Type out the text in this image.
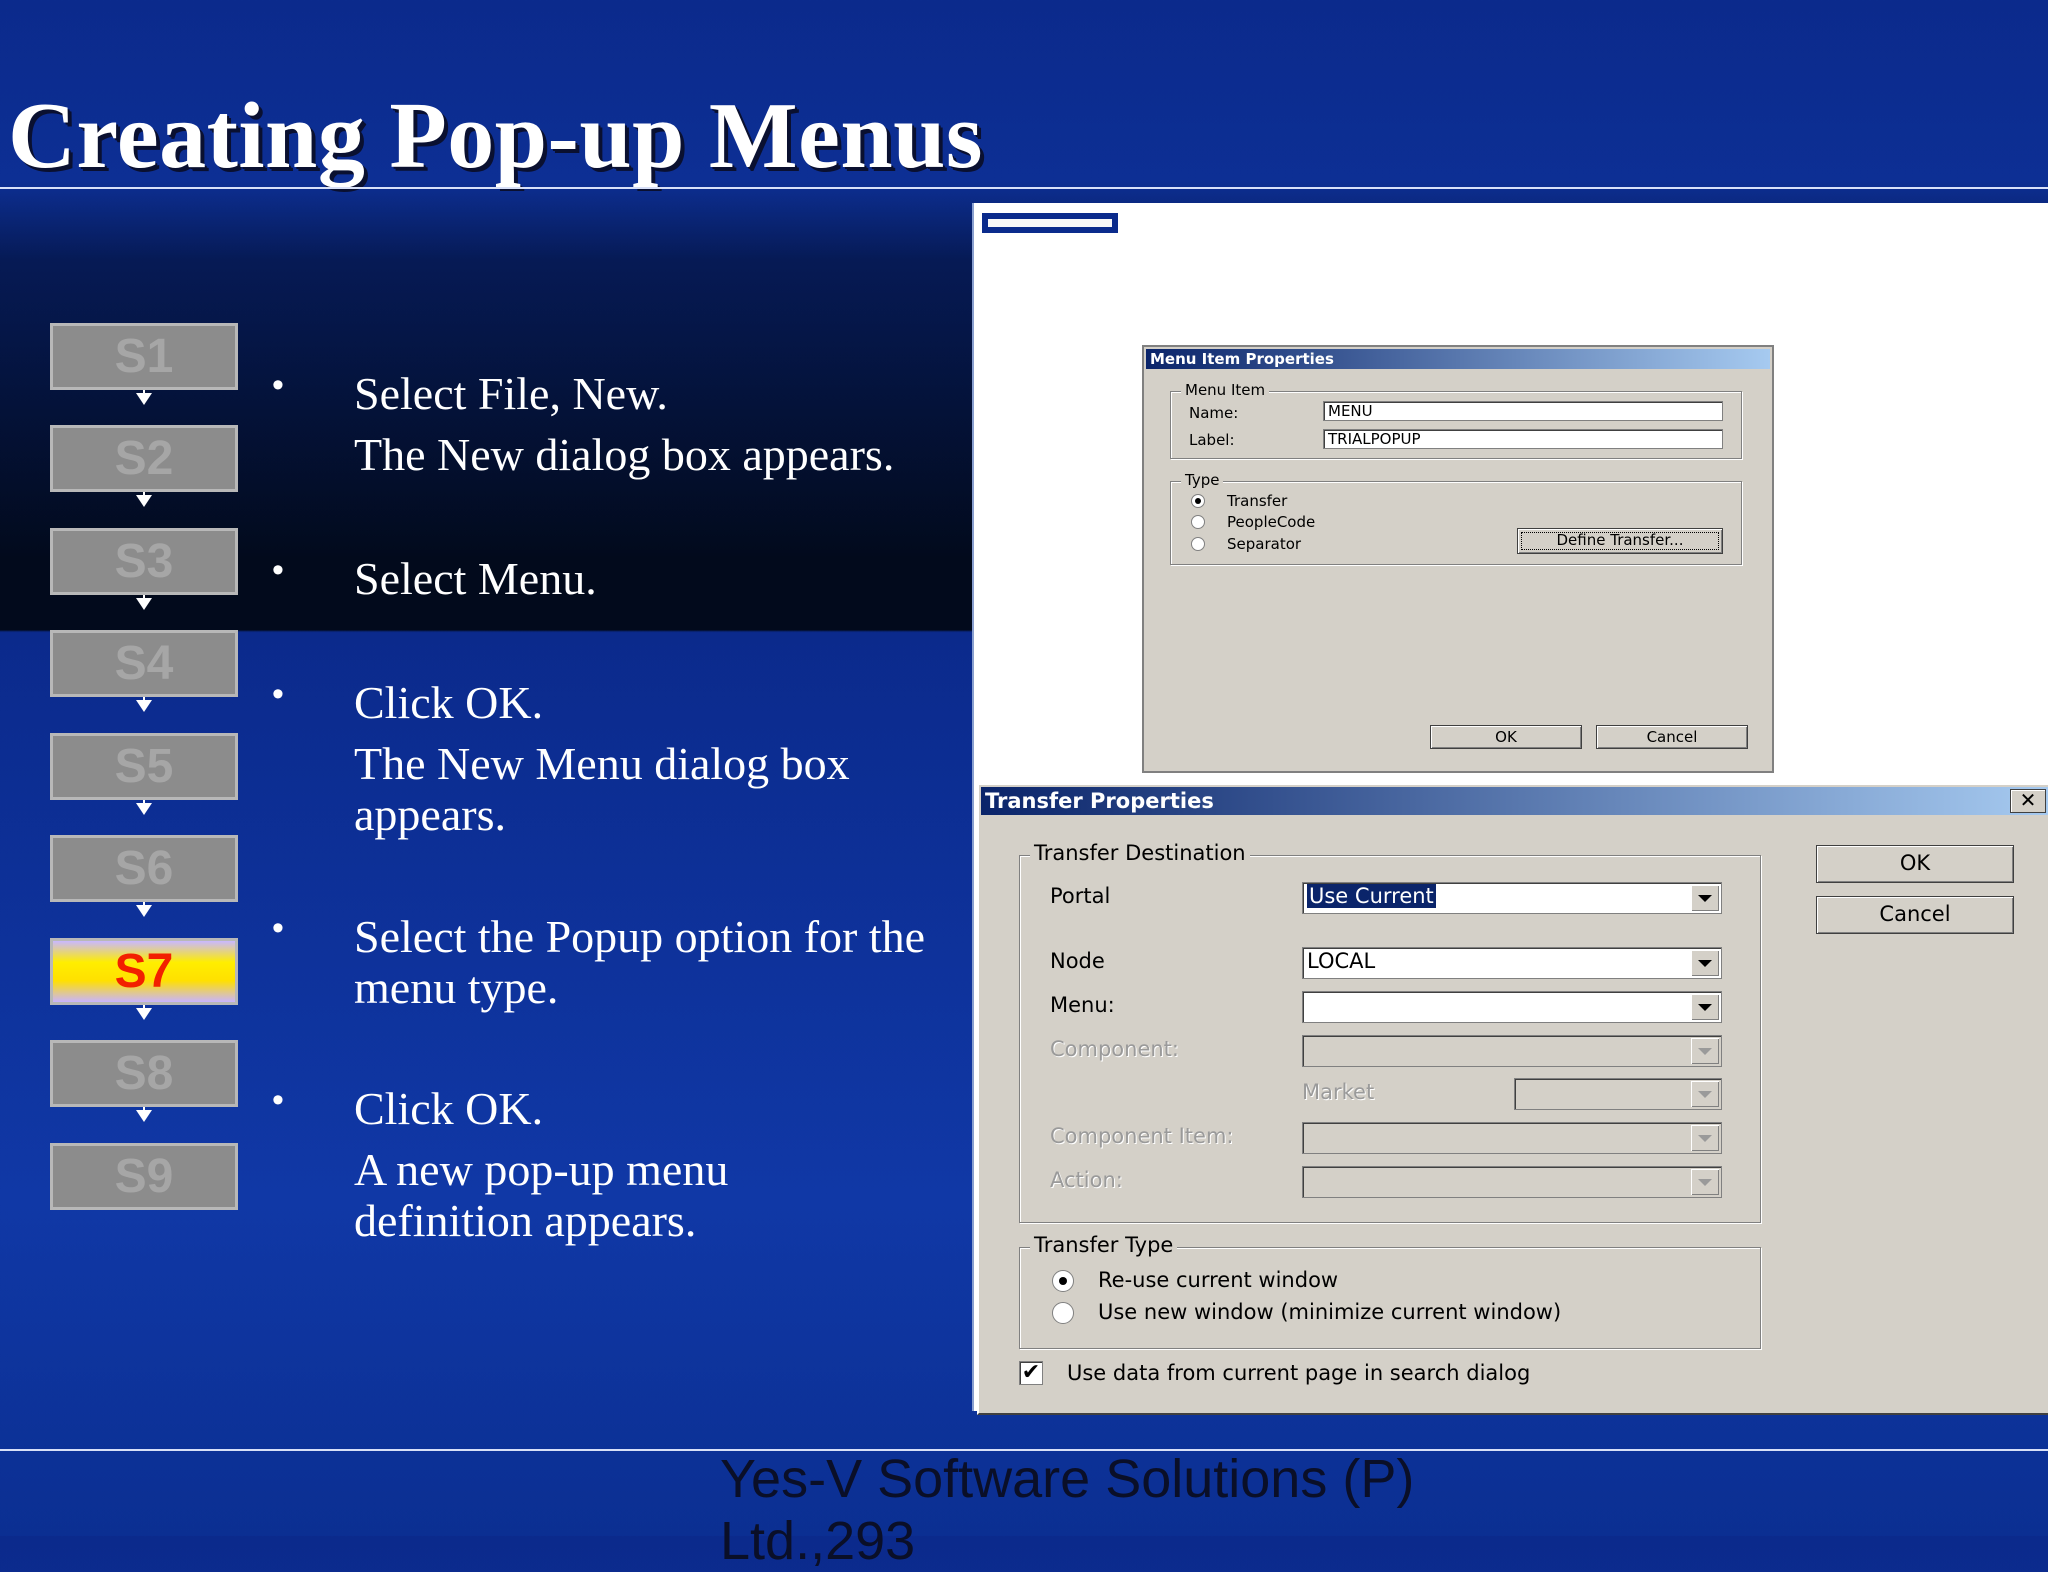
Creating Pop-up Menus
S1
S2
S3
S4
S5
S6
S7
S8
S9
• Select File, New.
The New dialog box appears.
• Select Menu.
• Click OK.
The New Menu dialog box appears.
• Select the Popup option for the menu type.
• Click OK.
A new pop-up menu definition appears.
Menu Item Properties
Menu Item
Name:	MENU
Label:	TRIALPOPUP
Type
Transfer
PeopleCode
Separator	Define Transfer...
OK	Cancel
Transfer Properties	✕
Transfer Destination
Portal	Use Current
Node	LOCAL
Menu:
Component:
Market
Component Item:
Action:
OK
Cancel
Transfer Type
Re-use current window
Use new window (minimize current window)
✔ Use data from current page in search dialog
Yes-V Software Solutions (P) Ltd.,293
